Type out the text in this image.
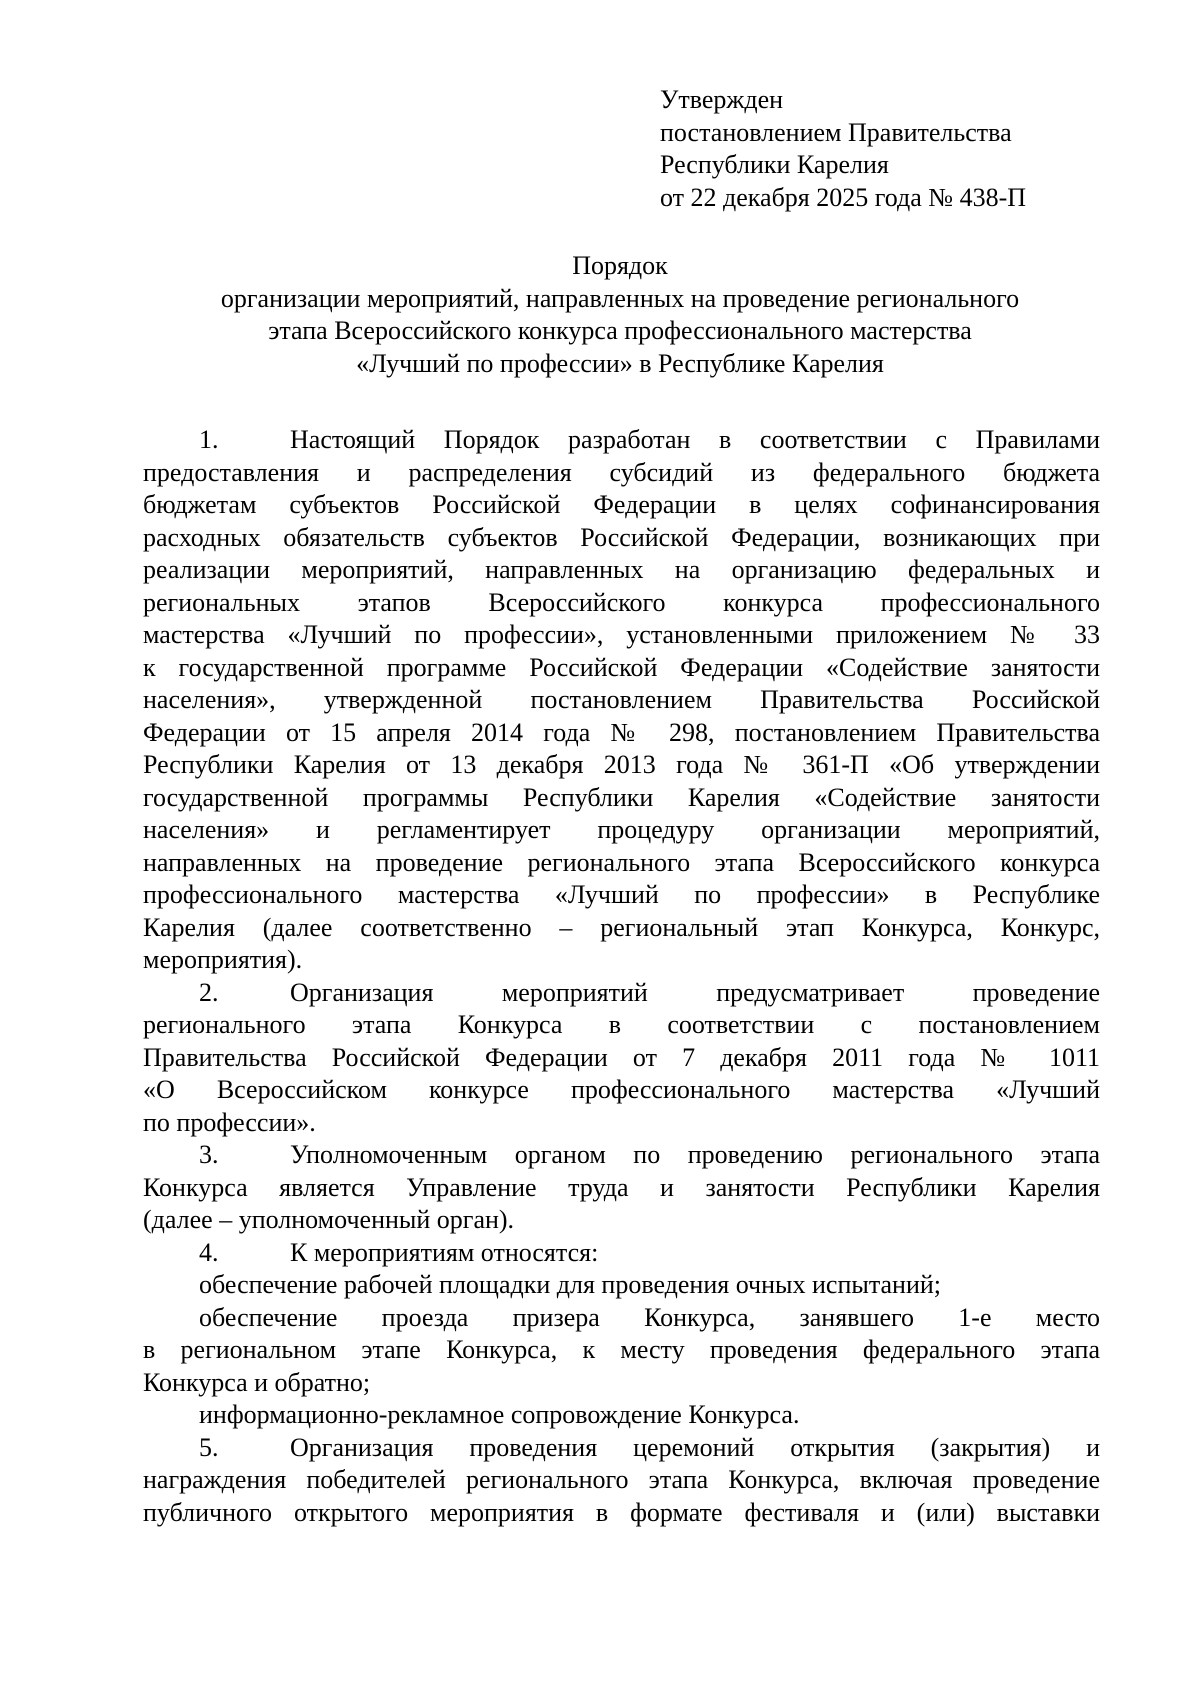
Утвержден
постановлением Правительства
Республики Карелия
от 22 декабря 2025 года № 438-П
Порядок
организации мероприятий, направленных на проведение регионального
этапа Всероссийского конкурса профессионального мастерства
«Лучший по профессии» в Республике Карелия
1.	Настоящий Порядок разработан в соответствии с Правилами
предоставления и распределения субсидий из федерального бюджета
бюджетам субъектов Российской Федерации в целях софинансирования
расходных обязательств субъектов Российской Федерации, возникающих при
реализации мероприятий, направленных на организацию федеральных и
региональных этапов Всероссийского конкурса профессионального
мастерства «Лучший по профессии», установленными приложением № 33
к государственной программе Российской Федерации «Содействие занятости
населения», утвержденной постановлением Правительства Российской
Федерации от 15 апреля 2014 года № 298, постановлением Правительства
Республики Карелия от 13 декабря 2013 года № 361-П «Об утверждении
государственной программы Республики Карелия «Содействие занятости
населения» и регламентирует процедуру организации мероприятий,
направленных на проведение регионального этапа Всероссийского конкурса
профессионального мастерства «Лучший по профессии» в Республике
Карелия (далее соответственно – региональный этап Конкурса, Конкурс,
мероприятия).
2.	Организация мероприятий предусматривает проведение
регионального этапа Конкурса в соответствии с постановлением
Правительства Российской Федерации от 7 декабря 2011 года № 1011
«О Всероссийском конкурсе профессионального мастерства «Лучший
по профессии».
3.	Уполномоченным органом по проведению регионального этапа
Конкурса является Управление труда и занятости Республики Карелия
(далее – уполномоченный орган).
4.	К мероприятиям относятся:
обеспечение рабочей площадки для проведения очных испытаний;
обеспечение проезда призера Конкурса, занявшего 1-е место
в региональном этапе Конкурса, к месту проведения федерального этапа
Конкурса и обратно;
информационно-рекламное сопровождение Конкурса.
5.	Организация проведения церемоний открытия (закрытия) и
награждения победителей регионального этапа Конкурса, включая проведение
публичного открытого мероприятия в формате фестиваля и (или) выставки
